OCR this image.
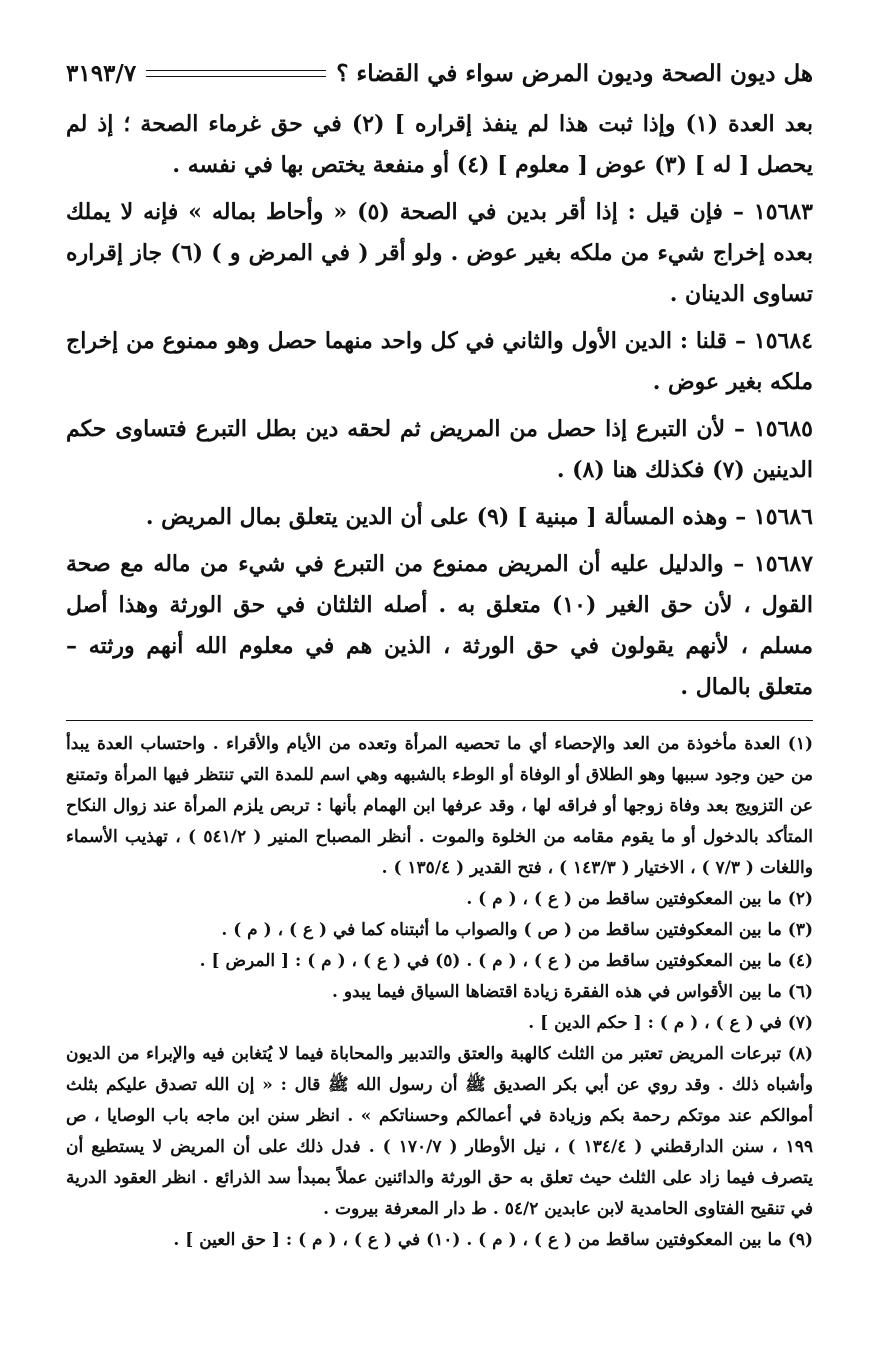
هل ديون الصحة وديون المرض سواء في القضاء ؟
٣١٩٣/٧

بعد العدة (١) وإذا ثبت هذا لم ينفذ إقراره ] (٢) في حق غرماء الصحة ؛ إذ لم يحصل [ له ] (٣) عوض [ معلوم ] (٤) أو منفعة يختص بها في نفسه .

١٥٦٨٣ – فإن قيل : إذا أقر بدين في الصحة (٥) « وأحاط بماله » فإنه لا يملك بعده إخراج شيء من ملكه بغير عوض . ولو أقر ( في المرض و ) (٦) جاز إقراره تساوى الدينان .

١٥٦٨٤ – قلنا : الدين الأول والثاني في كل واحد منهما حصل وهو ممنوع من إخراج ملكه بغير عوض .

١٥٦٨٥ – لأن التبرع إذا حصل من المريض ثم لحقه دين بطل التبرع فتساوى حكم الدينين (٧) فكذلك هنا (٨) .

١٥٦٨٦ – وهذه المسألة [ مبنية ] (٩) على أن الدين يتعلق بمال المريض .

١٥٦٨٧ – والدليل عليه أن المريض ممنوع من التبرع في شيء من ماله مع صحة القول ، لأن حق الغير (١٠) متعلق به . أصله الثلثان في حق الورثة وهذا أصل مسلم ، لأنهم يقولون في حق الورثة ، الذين هم في معلوم الله أنهم ورثته – متعلق بالمال .

(١) العدة مأخوذة من العد والإحصاء أي ما تحصيه المرأة وتعده من الأيام والأقراء . واحتساب العدة يبدأ من حين وجود سببها وهو الطلاق أو الوفاة أو الوطء بالشبهه وهي اسم للمدة التي تنتظر فيها المرأة وتمتنع عن التزويج بعد وفاة زوجها أو فراقه لها ، وقد عرفها ابن الهمام بأنها : تربص يلزم المرأة عند زوال النكاح المتأكد بالدخول أو ما يقوم مقامه من الخلوة والموت . أنظر المصباح المنير ( ٥٤١/٢ ) ، تهذيب الأسماء واللغات ( ٧/٣ ) ، الاختيار ( ١٤٣/٣ ) ، فتح القدير ( ١٣٥/٤ ) .

(٢) ما بين المعكوفتين ساقط من ( ع ) ، ( م ) .

(٣) ما بين المعكوفتين ساقط من ( ص ) والصواب ما أثبتناه كما في ( ع ) ، ( م ) .

(٤) ما بين المعكوفتين ساقط من ( ع ) ، ( م ) . (٥) في ( ع ) ، ( م ) : [ المرض ] .

(٦) ما بين الأقواس في هذه الفقرة زيادة اقتضاها السياق فيما يبدو .

(٧) في ( ع ) ، ( م ) : [ حكم الدين ] .

(٨) تبرعات المريض تعتبر من الثلث كالهبة والعتق والتدبير والمحاباة فيما لا يُتغابن فيه والإبراء من الديون وأشباه ذلك . وقد روي عن أبي بكر الصديق ﷺ أن رسول الله ﷺ قال : « إن الله تصدق عليكم بثلث أموالكم عند موتكم رحمة بكم وزيادة في أعمالكم وحسناتكم » . انظر سنن ابن ماجه باب الوصايا ، ص ١٩٩ ، سنن الدارقطني ( ١٣٤/٤ ) ، نيل الأوطار ( ١٧٠/٧ ) . فدل ذلك على أن المريض لا يستطيع أن يتصرف فيما زاد على الثلث حيث تعلق به حق الورثة والدائنين عملاً بمبدأ سد الذرائع . انظر العقود الدرية في تنقيح الفتاوى الحامدية لابن عابدين ٥٤/٢ . ط دار المعرفة بيروت .

(٩) ما بين المعكوفتين ساقط من ( ع ) ، ( م ) . (١٠) في ( ع ) ، ( م ) : [ حق العين ] .
